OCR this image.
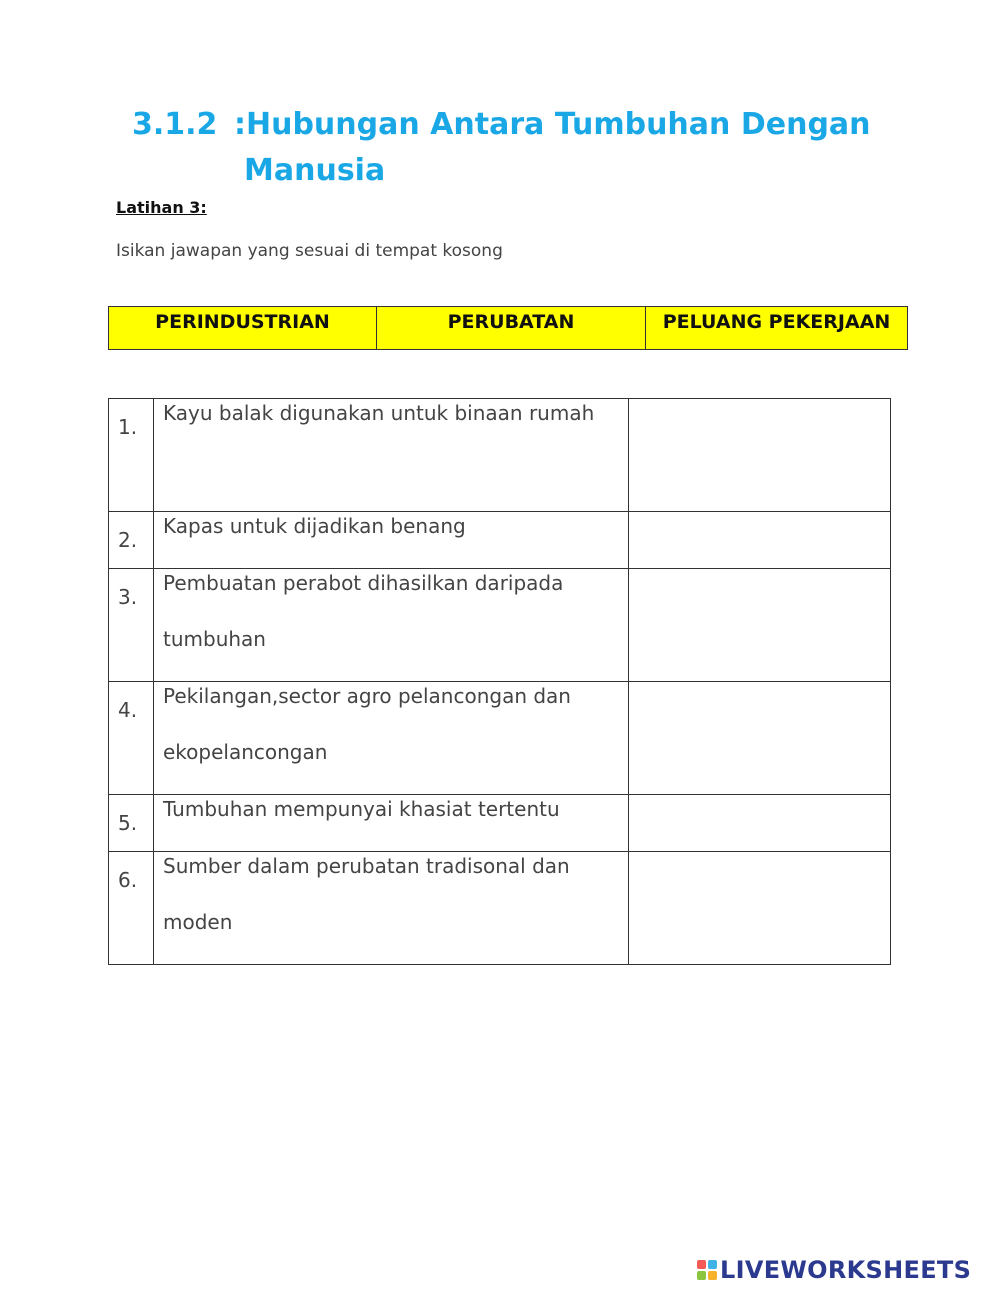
3.1.2 :Hubungan Antara Tumbuhan Dengan
Manusia
Latihan 3:
Isikan jawapan yang sesuai di tempat kosong
PERINDUSTRIAN	PERUBATAN	PELUANG PEKERJAAN
1.	Kayu balak digunakan untuk binaan rumah	

2.	Kapas untuk dijadikan benang	

3.	Pembuatan perabot dihasilkan daripada tumbuhan	

4.	Pekilangan,sector agro pelancongan dan ekopelancongan	

5.	Tumbuhan mempunyai khasiat tertentu	

6.	Sumber dalam perubatan tradisonal dan moden	

LIVEWORKSHEETS
